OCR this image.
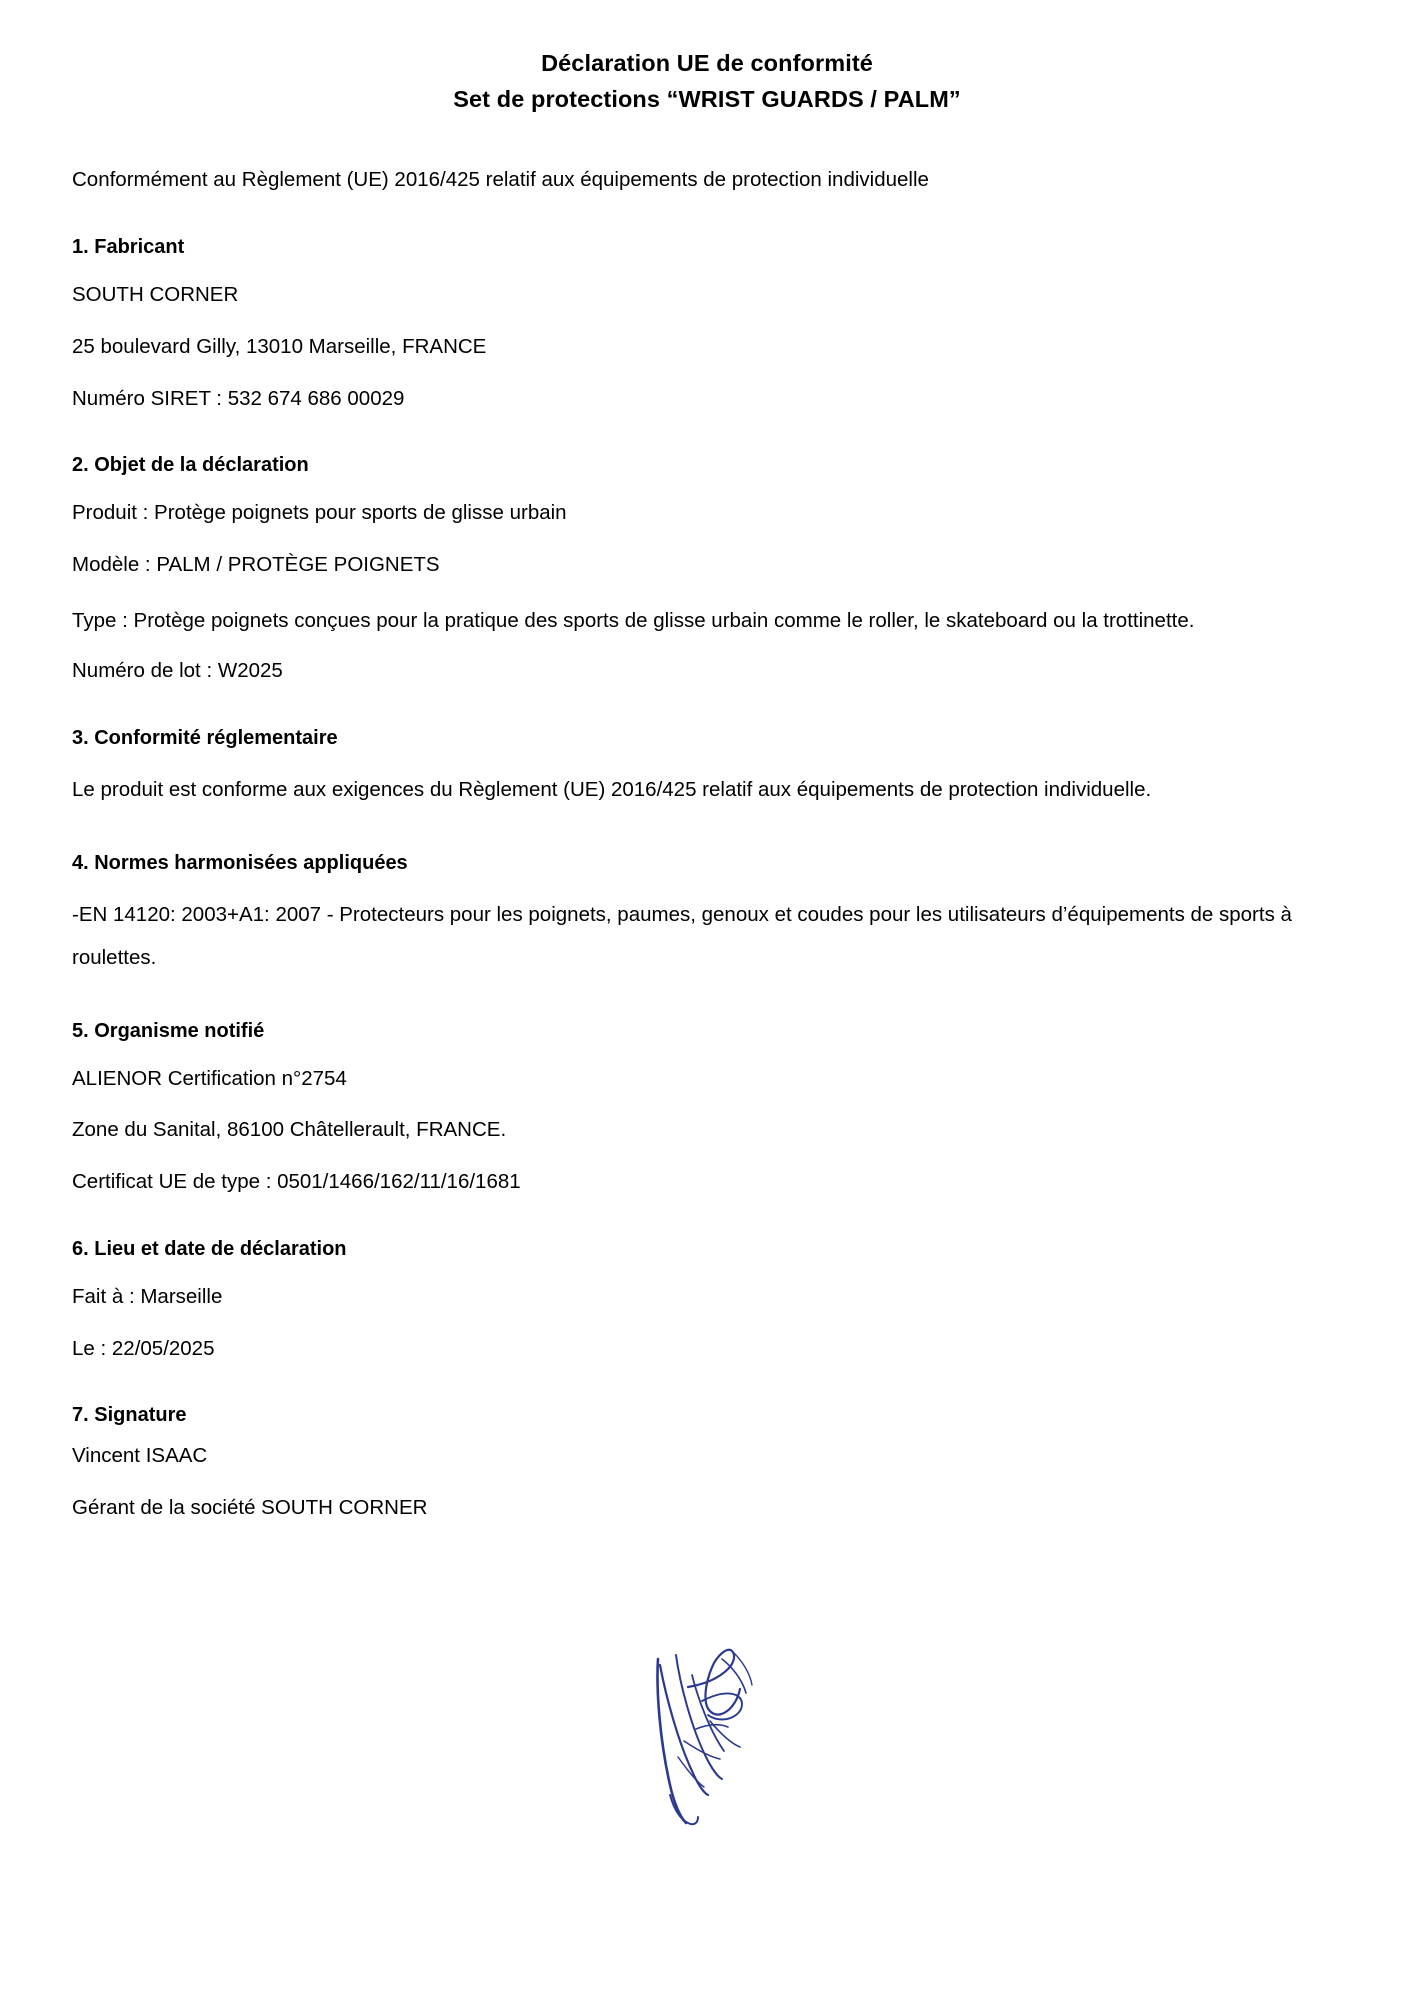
Déclaration UE de conformité
Set de protections “WRIST GUARDS / PALM”
Conformément au Règlement (UE) 2016/425 relatif aux équipements de protection individuelle
1. Fabricant
SOUTH CORNER
25 boulevard Gilly, 13010 Marseille, FRANCE
Numéro SIRET : 532 674 686 00029
2. Objet de la déclaration
Produit : Protège poignets pour sports de glisse urbain
Modèle : PALM / PROTÈGE POIGNETS
Type : Protège poignets conçues pour la pratique des sports de glisse urbain comme le roller, le skateboard ou la trottinette.
Numéro de lot : W2025
3. Conformité réglementaire
Le produit est conforme aux exigences du Règlement (UE) 2016/425 relatif aux équipements de protection individuelle.
4. Normes harmonisées appliquées
-EN 14120: 2003+A1: 2007 - Protecteurs pour les poignets, paumes, genoux et coudes pour les utilisateurs d’équipements de sports à roulettes.
5. Organisme notifié
ALIENOR Certification n°2754
Zone du Sanital, 86100 Châtellerault, FRANCE.
Certificat UE de type : 0501/1466/162/11/16/1681
6. Lieu et date de déclaration
Fait à : Marseille
Le : 22/05/2025
7. Signature
Vincent ISAAC
Gérant de la société SOUTH CORNER
